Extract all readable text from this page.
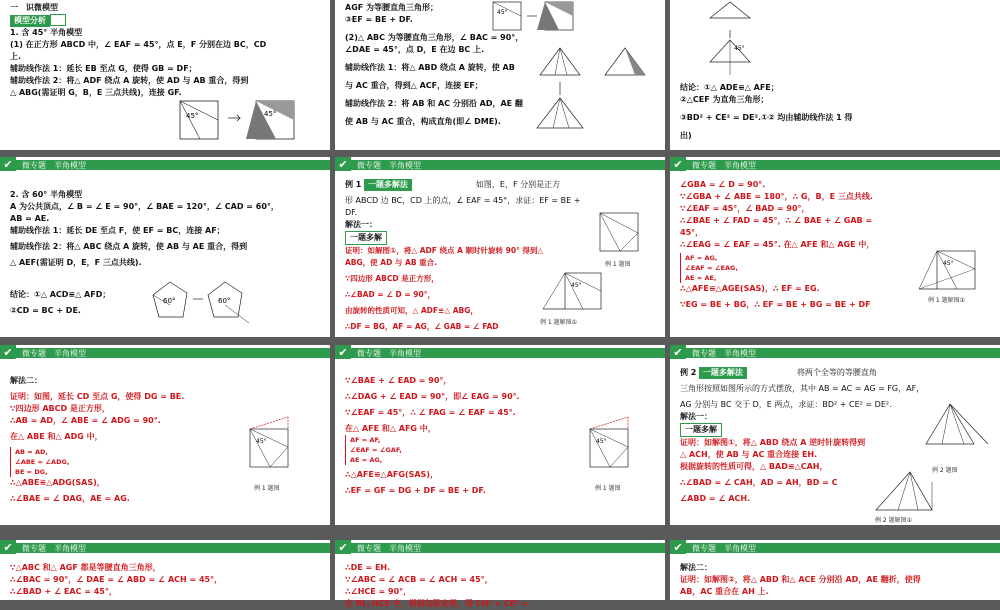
一　识微模型
模型分析
1. 含 45° 半角模型
(1) 在正方形 ABCD 中，∠ EAF = 45°，点 E，F 分别在边 BC，CD
上.
辅助线作法 1：延长 EB 至点 G，使得 GB = DF；
辅助线作法 2：将△ ADF 绕点 A 旋转，使 AD 与 AB 重合，得到
△ ABG(需证明 G，B，E 三点共线)，连接 GF.
45°	45°
AGF 为等腰直角三角形；
③EF = BE + DF.
(2)△ ABC 为等腰直角三角形，∠ BAC = 90°，
∠DAE = 45°，点 D，E 在边 BC 上.
辅助线作法 1：将△ ABD 绕点 A 旋转，使 AB
与 AC 重合，得到△ ACF，连接 EF；
辅助线作法 2：将 AB 和 AC 分别沿 AD，AE 翻
使 AB 与 AC 重合，构成直角(即∠ DME).
45°
45°
结论：①△ ADE≌△ AFE；
②△CEF 为直角三角形；
③BD² + CE² = DE².①② 均由辅助线作法 1 得
出)
✔	微专题　半角模型
2. 含 60° 半角模型
A 为公共顶点，∠ B = ∠ E = 90°，∠ BAE = 120°，∠ CAD = 60°，
AB = AE.
辅助线作法 1：延长 DE 至点 F，使 EF = BC，连接 AF；
辅助线作法 2：将△ ABC 绕点 A 旋转，使 AB 与 AE 重合，得到
△ AEF(需证明 D，E，F 三点共线).
结论：①△ ACD≌△ AFD；
②CD = BC + DE.
60°	60°
✔	微专题　半角模型
例 1 一题多解法	如图，E，F 分别是正方
形 ABCD 边 BC，CD 上的点，∠ EAF = 45°，求证：EF = BE +
DF.
解法一：
一题多解
证明：如解图①，将△ ADF 绕点 A 顺时针旋转 90° 得到△
ABG，使 AD 与 AB 重合.
∵四边形 ABCD 是正方形，
∴∠BAD = ∠ D = 90°，
由旋转的性质可知，△ ADF≌△ ABG，
∴DF = BG，AF = AG，∠ GAB = ∠ FAD
例 1 题图
45°
例 1 题解图①
✔	微专题　半角模型
∠GBA = ∠ D = 90°.
∵∠GBA + ∠ ABE = 180°，∴ G，B，E 三点共线.
∵∠EAF = 45°，∠ BAD = 90°，
∴∠BAE + ∠ FAD = 45°，∴ ∠ BAE + ∠ GAB =
45°，
∴∠EAG = ∠ EAF = 45°. 在△ AFE 和△ AGE 中，
AF = AG,
∠EAF = ∠EAG,
AE = AE,
∴△AFE≌△AGE(SAS)，∴ EF = EG.
∵EG = BE + BG，∴ EF = BE + BG = BE + DF
45°
例 1 题解图①
✔	微专题　半角模型
解法二：
证明：如图，延长 CD 至点 G，使得 DG = BE.
∵四边形 ABCD 是正方形，
∴AB = AD，∠ ABE = ∠ ADG = 90°.
在△ ABE 和△ ADG 中，
AB = AD,
∠ABE = ∠ADG,
BE = DG,
∴△ABE≌△ADG(SAS)，
∴∠BAE = ∠ DAG，AE = AG.
45°
例 1 题图
✔	微专题　半角模型
∵∠BAE + ∠ EAD = 90°，
∴∠DAG + ∠ EAD = 90°，即∠ EAG = 90°.
∵∠EAF = 45°，∴ ∠ FAG = ∠ EAF = 45°.
在△ AFE 和△ AFG 中，
AF = AF,
∠EAF = ∠GAF,
AE = AG,
∴△AFE≌△AFG(SAS)，
∴EF = GF = DG + DF = BE + DF.
45°
例 1 题图
✔	微专题　半角模型
例 2 一题多解法	将两个全等的等腰直角
三角形按照如图所示的方式摆放，其中 AB = AC = AG = FG，AF，
AG 分别与 BC 交于 D，E 两点，求证：BD² + CE² = DE².
解法一：
一题多解
证明：如解图①，将△ ABD 绕点 A 逆时针旋转得到
△ ACH，使 AB 与 AC 重合连接 EH.
根据旋转的性质可得，△ BAD≌△CAH，
∴∠BAD = ∠ CAH，AD = AH，BD = C
∠ABD = ∠ ACH.
例 2 题图
例 2 题解图①
✔	微专题　半角模型
∵△ABC 和△ AGF 都是等腰直角三角形，
∴∠BAC = 90°，∠ DAE = ∠ ABD = ∠ ACH = 45°，
∴∠BAD + ∠ EAC = 45°，
✔	微专题　半角模型
∴DE = EH.
∵∠ABC = ∠ ACB = ∠ ACH = 45°，
∴∠HCE = 90°，
在 Rt△HCE 中，根据勾股定理，得 CH² + CE² =
✔	微专题　半角模型
解法二：
证明：如解图②，将△ ABD 和△ ACE 分别沿 AD，AE 翻折，使得
AB，AC 重合在 AH 上.
